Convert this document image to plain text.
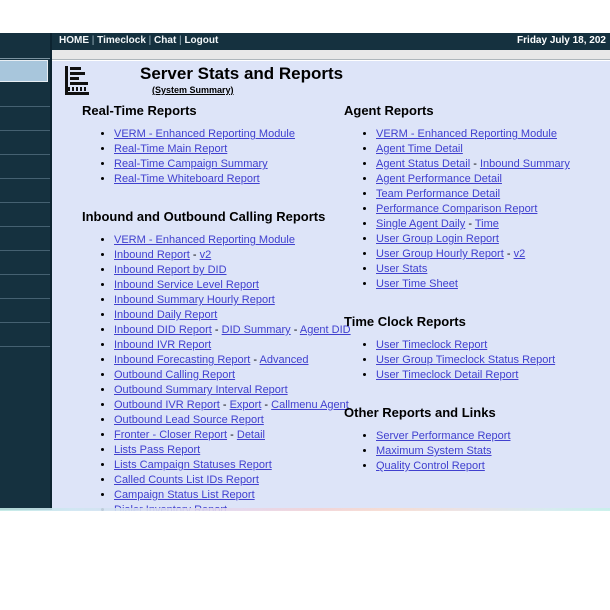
HOME | Timeclock | Chat | Logout	Friday July 18, 202
Server Stats and Reports
(System Summary)
Real-Time Reports
• VERM - Enhanced Reporting Module
• Real-Time Main Report
• Real-Time Campaign Summary
• Real-Time Whiteboard Report
Inbound and Outbound Calling Reports
• VERM - Enhanced Reporting Module
• Inbound Report - v2
• Inbound Report by DID
• Inbound Service Level Report
• Inbound Summary Hourly Report
• Inbound Daily Report
• Inbound DID Report - DID Summary - Agent DID
• Inbound IVR Report
• Inbound Forecasting Report - Advanced
• Outbound Calling Report
• Outbound Summary Interval Report
• Outbound IVR Report - Export - Callmenu Agent
• Outbound Lead Source Report
• Fronter - Closer Report - Detail
• Lists Pass Report
• Lists Campaign Statuses Report
• Called Counts List IDs Report
• Campaign Status List Report
•
•
•
Agent Reports
• VERM - Enhanced Reporting Module
• Agent Time Detail
• Agent Status Detail - Inbound Summary
• Agent Performance Detail
• Team Performance Detail
• Performance Comparison Report
• Single Agent Daily - Time
• User Group Login Report
• User Group Hourly Report - v2
• User Stats
• User Time Sheet
Time Clock Reports
• User Timeclock Report
• User Group Timeclock Status Report
• User Timeclock Detail Report
Other Reports and Links
• Server Performance Report
• Maximum System Stats
• Quality Control Report
